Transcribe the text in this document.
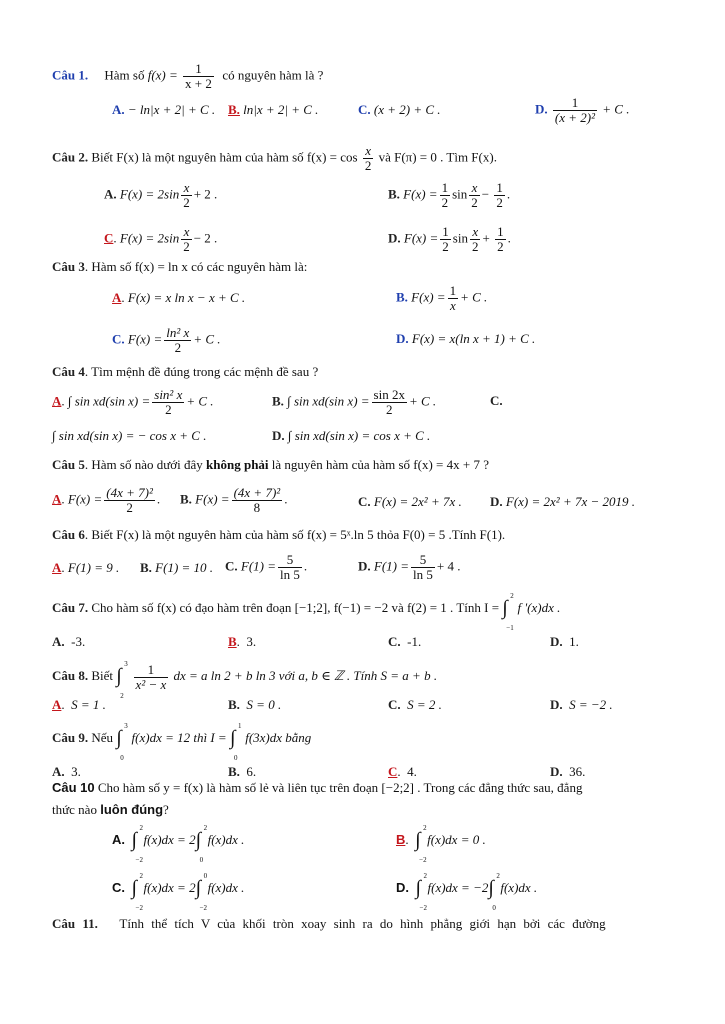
Câu 1. Hàm số $f(x) = \frac{1}{x + 2}$ có nguyên hàm là ?
A. − ln|x + 2| + C . B. ln|x + 2| + C .	C. (x + 2) + C .	D. $\frac{1}{\text{(x + 2)²}} + C$ .
Câu 2. Biết F(x) là một nguyên hàm của hàm số $f(x) = \cos \frac{x}{2}$ và F(π) = 0 . Tìm F(x).
A. $F(x) = 2\sin \frac{x}{2} + 2$ .	B. $F(x) = \frac{1}{2}$ $\sin \frac{x}{2} - \frac{1}{2}$ .
C. $F(x) = 2\sin \frac{x}{2} - 2$ .	D. $F(x) = \frac{1}{2}$ $\sin \frac{x}{2} + \frac{1}{2}$ .
Câu 3. Hàm số f(x) = ln x có các nguyên hàm là:
A. F(x) = x ln x − x + C .	B. $F(x) = \frac{1}{x} + C$ .
C. $F(x) = \frac{\text{ln² x}}{2} + C$ .	D. F(x) = x(ln x + 1) + C .
Câu 4. Tìm mệnh đề đúng trong các mệnh đề sau ?
A. ∫ sin xd(sin $x) = \frac{\text{sin² x}}{2} + C$ .	B. ∫ sin xd(sin $x) = \frac{\sin 2x}{2} + C$ .	C.
∫ sin xd(sin x) = − cos x + C .	D. ∫ sin xd(sin x) = cos x + C .
Câu 5. Hàm số nào dưới đây không phải là nguyên hàm của hàm số f(x) = 4x + 7 ?
A. $F(x) = \frac{\text{(4x + 7)²}}{2}$ . B. $F(x) = \frac{\text{(4x + 7)²}}{8}$ .	C. F(x) = 2x² + 7x . D. F(x) = 2x² + 7x − 2019 .
Câu 6. Biết F(x) là một nguyên hàm của hàm số f(x) = 5ˣ.ln 5 thỏa F(0) = 5 .Tính F(1).
A. F(1) = 9 . B. F(1) = 10 . C. $F(1) = \frac{5}{\ln 5}$ .	D. $F(1) = \frac{5}{\ln 5} + 4$ .
Câu 7. Cho hàm số f(x) có đạo hàm trên đoạn [−1;2], f(−1) = −2 và f(2) = 1 . Tính I = ∫
2
−1
f '(x)dx .
A. -3.	B.  3.	C. -1.	D. 1.
Câu 8. Biết ∫
3
2

$\frac{1}{\text{x² − x}}$ dx = a ln 2 + b ln 3 với a, b ∈ ℤ . Tính S = a + b .
A.  S = 1 .	B. S = 0 .	C. S = 2 .	D. S = −2 .
Câu 9. Nếu ∫
3
0
f(x)dx = 12 thì I = ∫
1
0
f(3x)dx bằng
A. 3.	B. 6.	C.  4.	D. 36.
Câu 10 Cho hàm số y = f(x) là hàm số lẻ và liên tục trên đoạn [−2;2] . Trong các đẳng thức sau, đẳng
thức nào luôn đúng?
A. ∫
2
−2
f(x)dx = 2 ∫
2
0
f(x)dx .	B. ∫
2
−2
f(x)dx = 0 .
C. ∫
2
−2
f(x)dx = 2 ∫
0
−2
f(x)dx .	D. ∫
2
−2
f(x)dx = −2 ∫
2
0
f(x)dx .
Câu 11. Tính thể tích V của khối tròn xoay sinh ra do hình phẳng giới hạn bởi các đường
